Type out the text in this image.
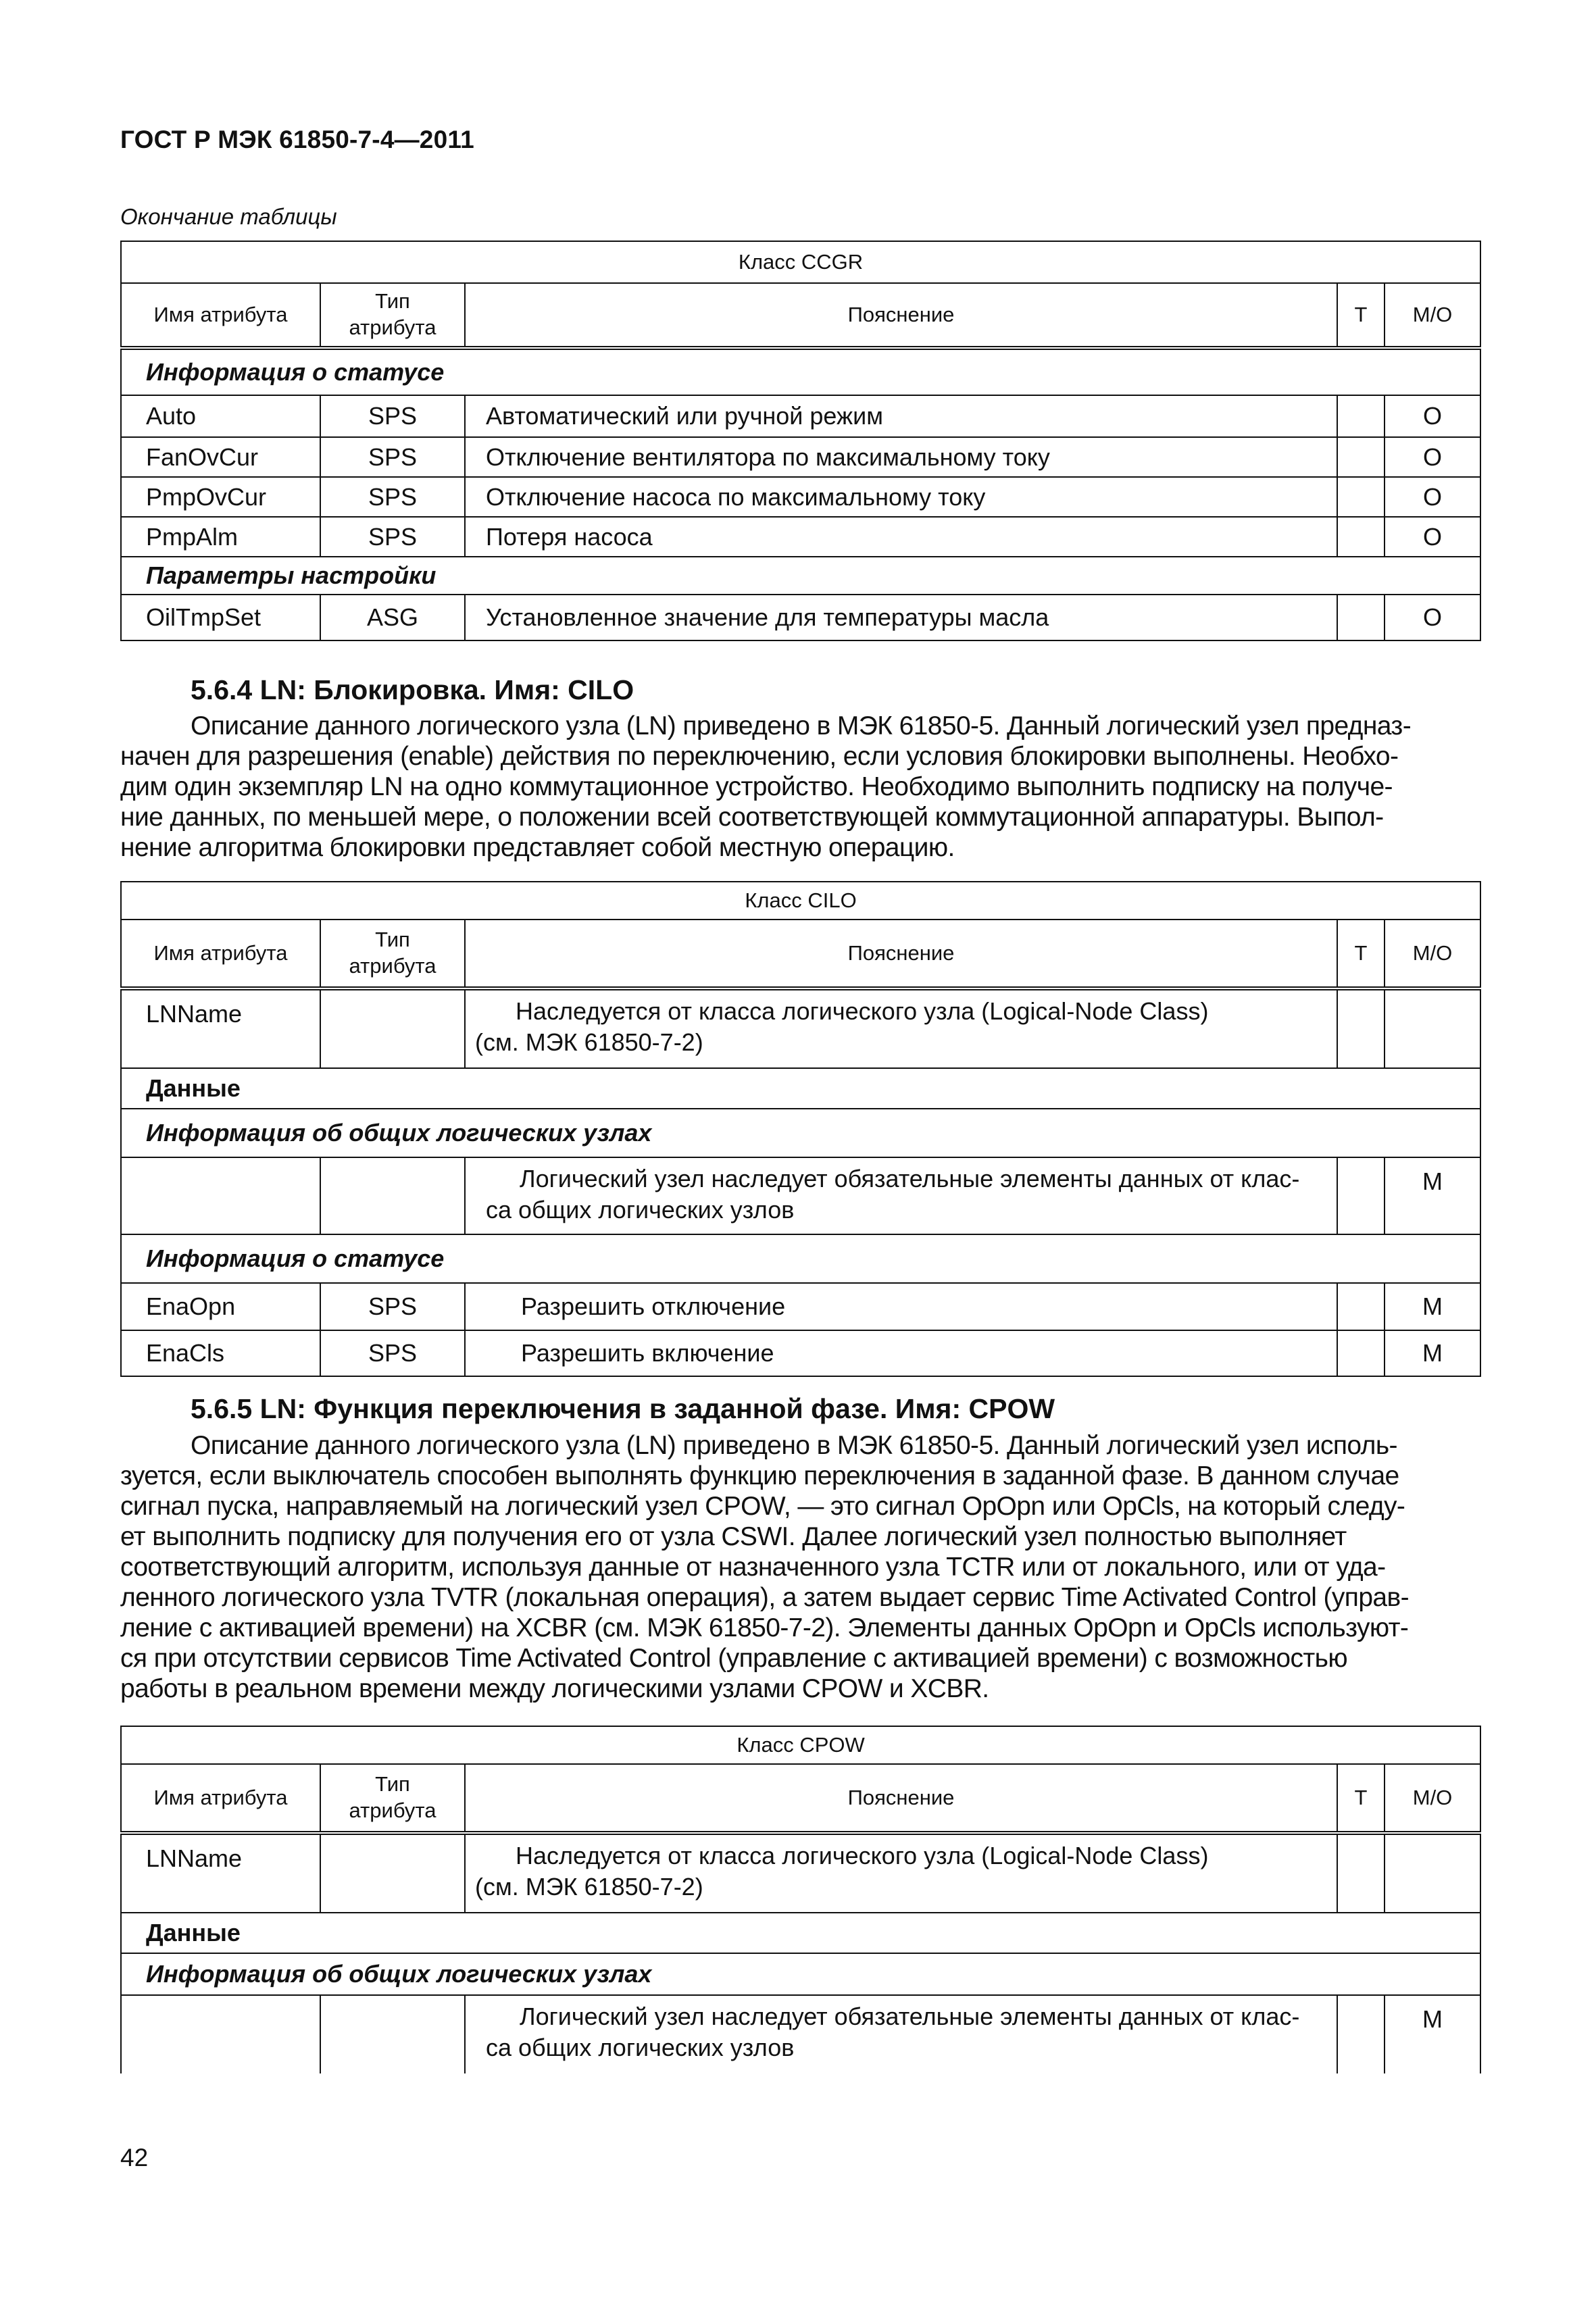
ГОСТ Р МЭК 61850-7-4—2011
Окончание таблицы
Класс CCGR				
Имя атрибута	Тип атрибута	Пояснение	Т	М/О
Информация о статусе				
Auto	SPS	Автоматический или ручной режим		О
FanOvCur	SPS	Отключение вентилятора по максимальному току		О
PmpOvCur	SPS	Отключение насоса по максимальному току		О
PmpAlm	SPS	Потеря насоса		О
Параметры настройки				
OilTmpSet	ASG	Установленное значение для температуры масла		О
5.6.4 LN: Блокировка. Имя: CILO
Описание данного логического узла (LN) приведено в МЭК 61850-5. Данный логический узел предназ-
начен для разрешения (enable) действия по переключению, если условия блокировки выполнены. Необхо-
дим один экземпляр LN на одно коммутационное устройство. Необходимо выполнить подписку на получе-
ние данных, по меньшей мере, о положении всей соответствующей коммутационной аппаратуры. Выпол-
нение алгоритма блокировки представляет собой местную операцию.
Класс CILO				
Имя атрибута	Тип атрибута	Пояснение	Т	М/О
LNName		Наследуется от класса логического узла (Logical-Node Class)
(см. МЭК 61850-7-2)		
Данные				
Информация об общих логических узлах				

		Логический узел наследует обязательные элементы данных от клас-
са общих логических узлов		М
Информация о статусе				
EnaOpn	SPS	Разрешить отключение		М
EnaCls	SPS	Разрешить включение		М
5.6.5 LN: Функция переключения в заданной фазе. Имя: CPOW
Описание данного логического узла (LN) приведено в МЭК 61850-5. Данный логический узел исполь-
зуется, если выключатель способен выполнять функцию переключения в заданной фазе. В данном случае
сигнал пуска, направляемый на логический узел CPOW, — это сигнал OpOpn или OpCls, на который следу-
ет выполнить подписку для получения его от узла CSWI. Далее логический узел полностью выполняет
соответствующий алгоритм, используя данные от назначенного узла TCTR или от локального, или от уда-
ленного логического узла TVTR (локальная операция), а затем выдает сервис Time Activated Control (управ-
ление с активацией времени) на XCBR (см. МЭК 61850-7-2). Элементы данных OpOpn и OpCls используют-
ся при отсутствии сервисов Time Activated Control (управление с активацией времени) с возможностью
работы в реальном времени между логическими узлами CPOW и XCBR.
Класс CPOW				
Имя атрибута	Тип атрибута	Пояснение	Т	М/О
LNName		Наследуется от класса логического узла (Logical-Node Class)
(см. МЭК 61850-7-2)		
Данные				
Информация об общих логических узлах				

		Логический узел наследует обязательные элементы данных от клас-
са общих логических узлов		М
42
